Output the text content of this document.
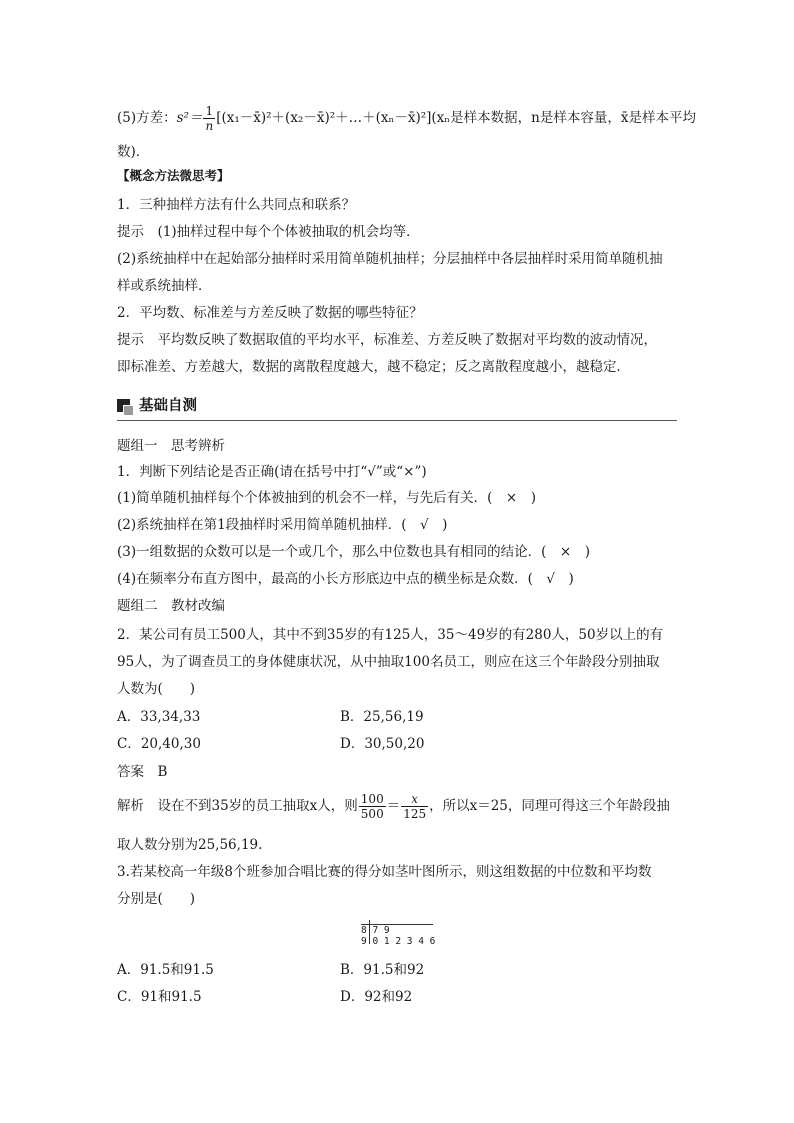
(5)方差：$s^2= \frac{1}{n}$ [(x₁－x̄)²＋(x₂－x̄)²＋…＋(xₙ－x̄)²](xₙ是样本数据，n是样本容量，x̄是样本平均
数)．
【概念方法微思考】
1．三种抽样方法有什么共同点和联系？
提示　(1)抽样过程中每个个体被抽取的机会均等．
(2)系统抽样中在起始部分抽样时采用简单随机抽样；分层抽样中各层抽样时采用简单随机抽
样或系统抽样．
2．平均数、标准差与方差反映了数据的哪些特征？
提示　平均数反映了数据取值的平均水平，标准差、方差反映了数据对平均数的波动情况，
即标准差、方差越大，数据的离散程度越大，越不稳定；反之离散程度越小，越稳定．
基础自测
题组一　思考辨析
1．判断下列结论是否正确(请在括号中打“√”或“×”)
(1)简单随机抽样每个个体被抽到的机会不一样，与先后有关．(　×　)
(2)系统抽样在第1段抽样时采用简单随机抽样．(　√　)
(3)一组数据的众数可以是一个或几个，那么中位数也具有相同的结论．(　×　)
(4)在频率分布直方图中，最高的小长方形底边中点的横坐标是众数．(　√　)
题组二　教材改编
2．某公司有员工500人，其中不到35岁的有125人，35～49岁的有280人，50岁以上的有
95人，为了调查员工的身体健康状况，从中抽取100名员工，则应在这三个年龄段分别抽取
人数为(　　)
A．33,34,33	B．25,56,19
C．20,40,30	D．30,50,20
答案　B
解析　设在不到35岁的员工抽取x人，则 $\frac{100}{500} = \frac{x}{125}$ ，所以x＝25，同理可得这三个年龄段抽
取人数分别为25,56,19.
3.若某校高一年级8个班参加合唱比赛的得分如茎叶图所示，则这组数据的中位数和平均数
分别是(　　)
8 7 9
9 0 1 2 3 4 6
A．91.5和91.5	B．91.5和92
C．91和91.5	D．92和92
